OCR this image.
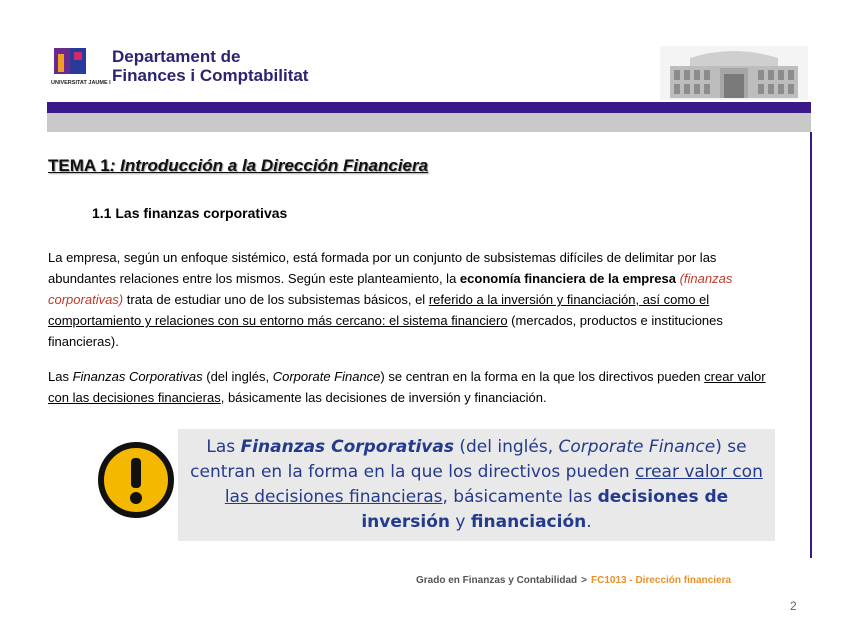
UNIVERSITAT JAUME I
Departament de
Finances i Comptabilitat
TEMA 1: Introducción a la Dirección Financiera
1.1 Las finanzas corporativas
La empresa, según un enfoque sistémico, está formada por un conjunto de subsistemas difíciles de delimitar por las abundantes relaciones entre los mismos. Según este planteamiento, la economía financiera de la empresa (finanzas corporativas) trata de estudiar uno de los subsistemas básicos, el referido a la inversión y financiación, así como el comportamiento y relaciones con su entorno más cercano: el sistema financiero (mercados, productos e instituciones financieras).
Las Finanzas Corporativas (del inglés, Corporate Finance) se centran en la forma en la que los directivos pueden crear valor con las decisiones financieras, básicamente las decisiones de inversión y financiación.
Las Finanzas Corporativas (del inglés, Corporate Finance) se centran en la forma en la que los directivos pueden crear valor con las decisiones financieras, básicamente las decisiones de inversión y financiación.
Grado en Finanzas y Contabilidad > FC1013 - Dirección financiera
2
